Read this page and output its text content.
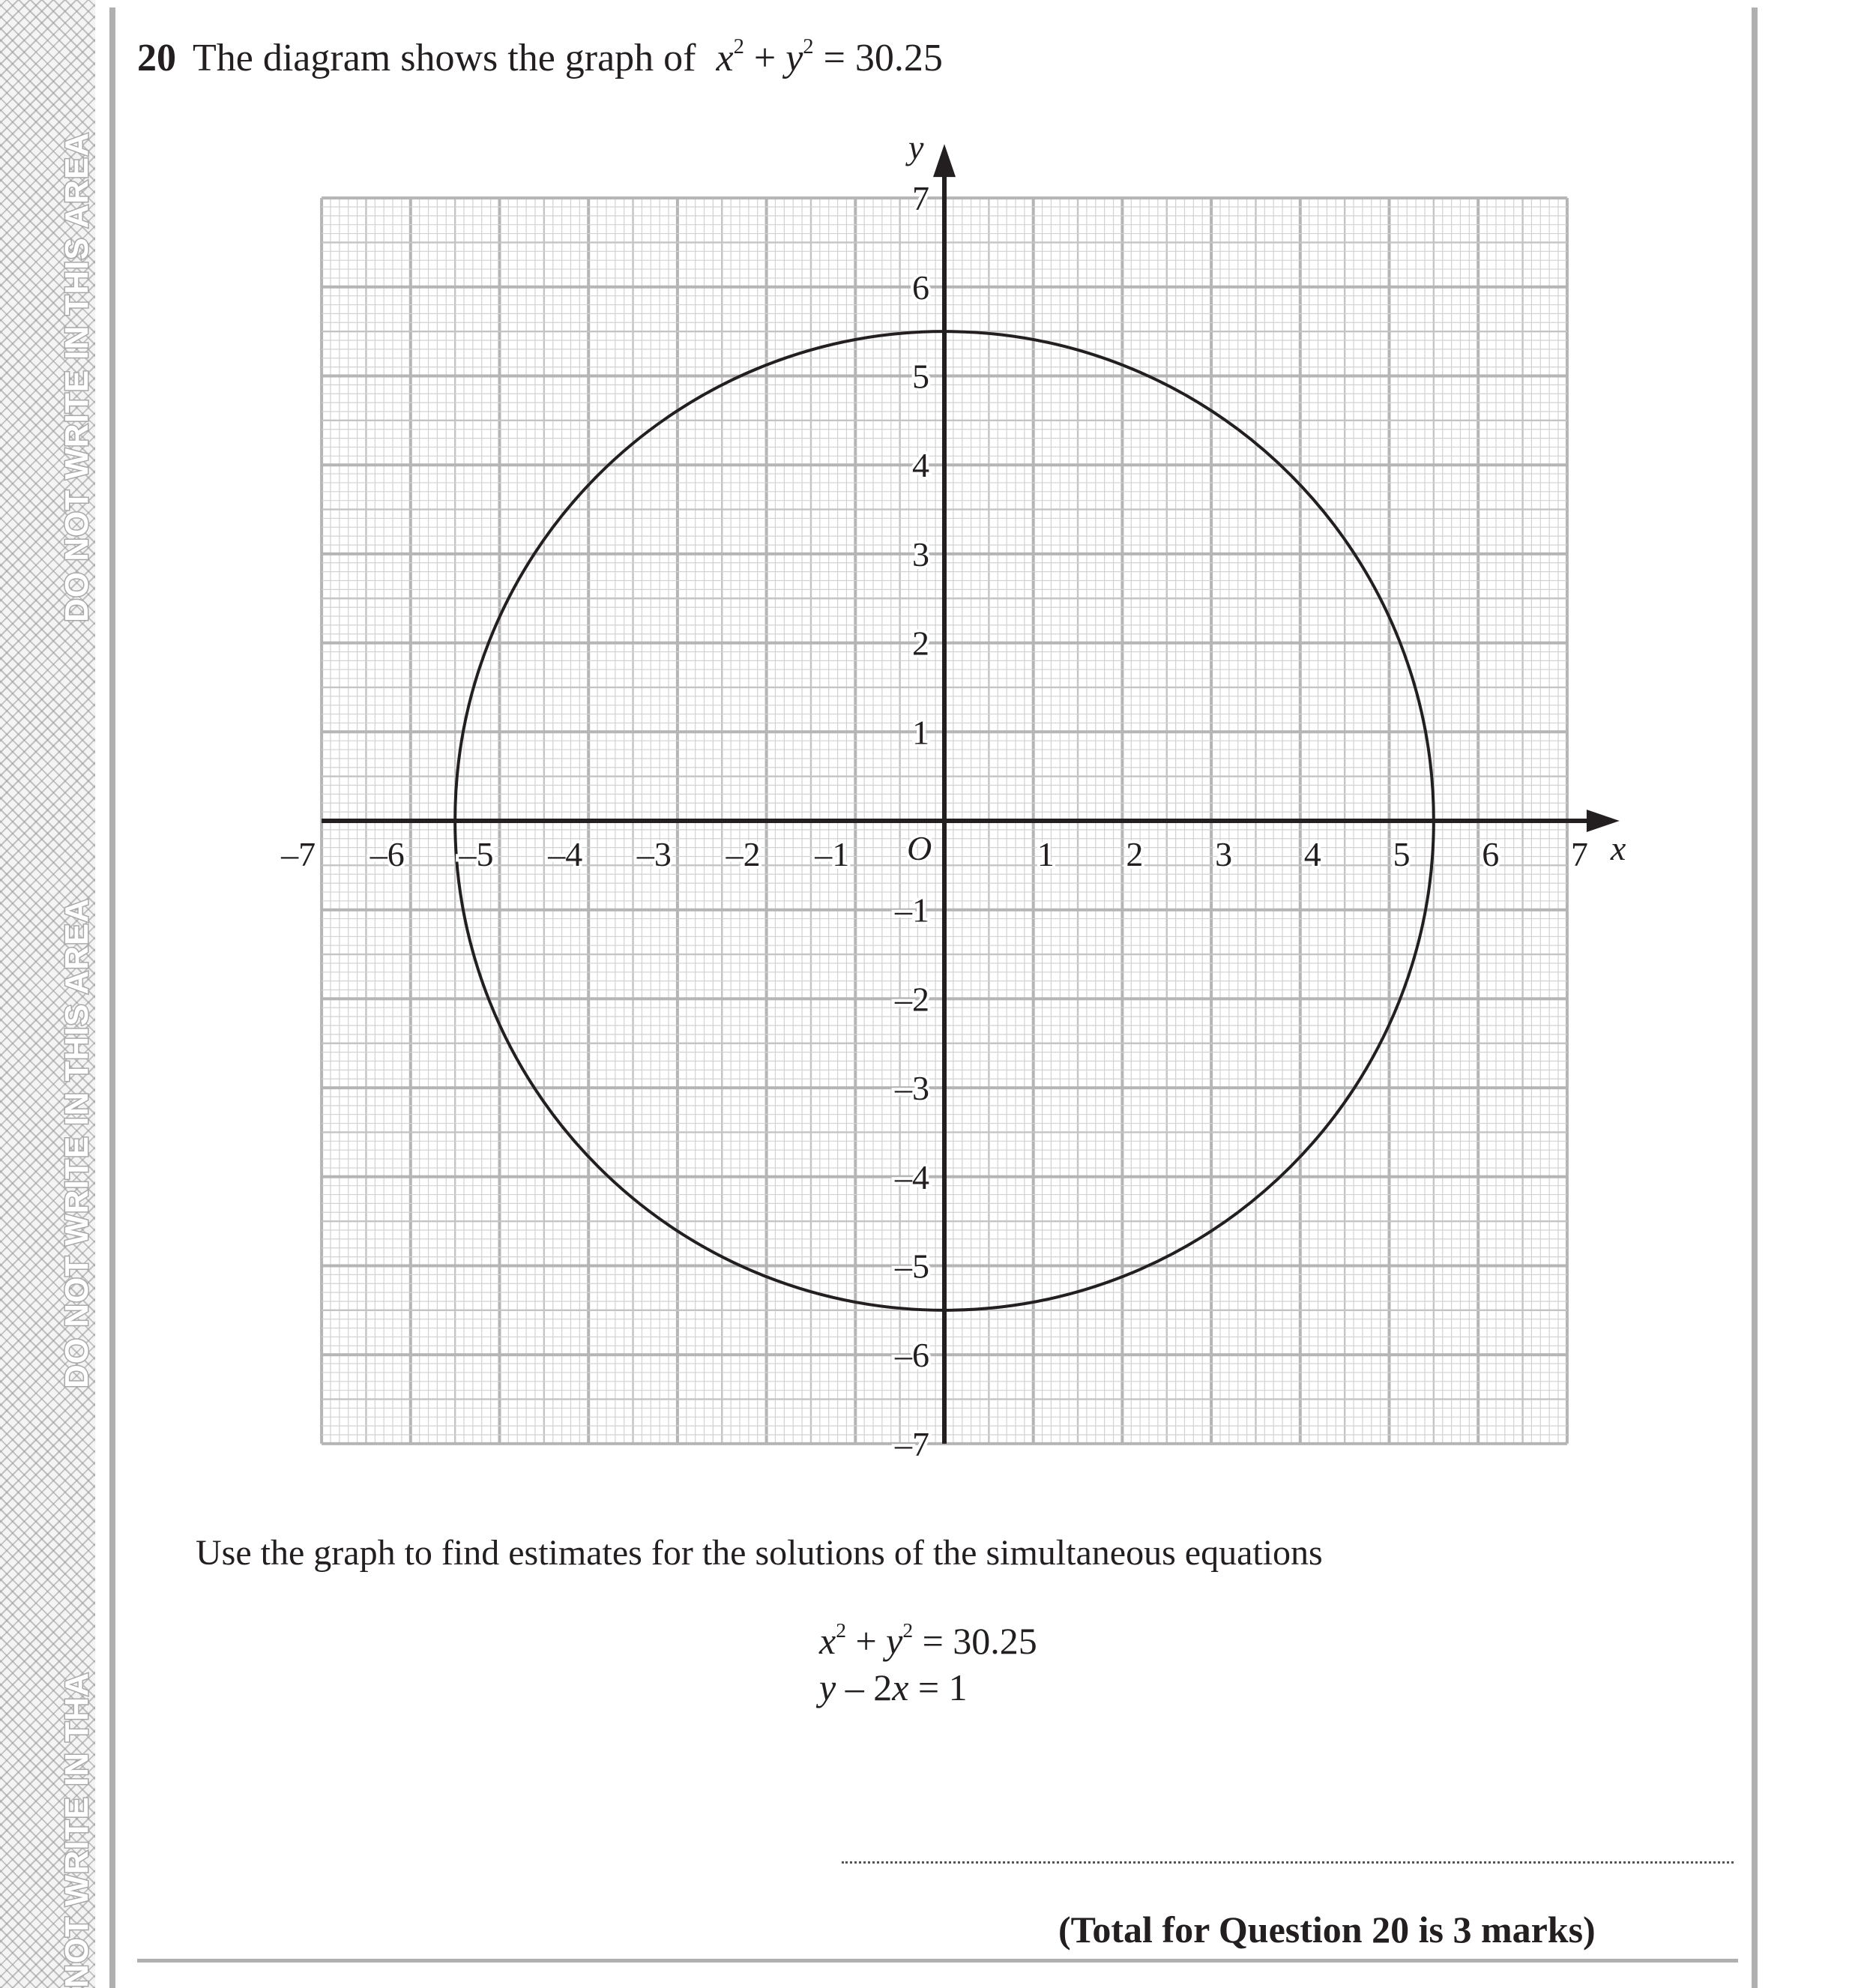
DO NOT WRITE IN THIS AREA
DO NOT WRITE IN THIS AREA
NOT WRITE IN THA
20 The diagram shows the graph of $x^2 + y^2 = 30.25$
–7 –6 –5 –4 –3 –2 –1	1 2 3 4 5 6 7
7
6
5
4
3
2
1
–1
–2
–3
–4
–5
–6
–7
O	x
y
Use the graph to find estimates for the solutions of the simultaneous equations
$x^2 + y^2 = 30.25$
y – 2x = 1
(Total for Question 20 is 3 marks)
